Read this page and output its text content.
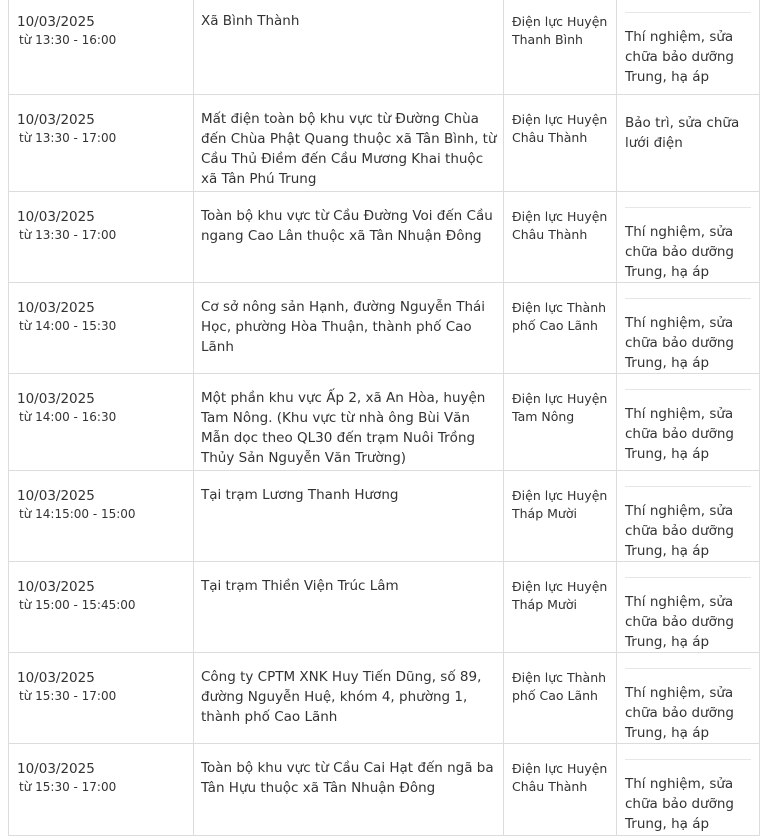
10/03/2025
từ 13:30 - 16:00	Xã Bình Thành	Điện lực Huyện Thanh Bình	Thí nghiệm, sửa chữa bảo dưỡng Trung, hạ áp

10/03/2025
từ 13:30 - 17:00	Mất điện toàn bộ khu vực từ Đường Chùa đến Chùa Phật Quang thuộc xã Tân Bình, từ Cầu Thủ Điềm đến Cầu Mương Khai thuộc xã Tân Phú Trung	Điện lực Huyện Châu Thành	Bảo trì, sửa chữa lưới điện

10/03/2025
từ 13:30 - 17:00	Toàn bộ khu vực từ Cầu Đường Voi đến Cầu ngang Cao Lân thuộc xã Tân Nhuận Đông	Điện lực Huyện Châu Thành	Thí nghiệm, sửa chữa bảo dưỡng Trung, hạ áp

10/03/2025
từ 14:00 - 15:30	Cơ sở nông sản Hạnh, đường Nguyễn Thái Học, phường Hòa Thuận, thành phố Cao Lãnh	Điện lực Thành phố Cao Lãnh	Thí nghiệm, sửa chữa bảo dưỡng Trung, hạ áp

10/03/2025
từ 14:00 - 16:30	Một phần khu vực Ấp 2, xã An Hòa, huyện Tam Nông. (Khu vực từ nhà ông Bùi Văn Mẫn dọc theo QL30 đến trạm Nuôi Trồng Thủy Sản Nguyễn Văn Trường)	Điện lực Huyện Tam Nông	Thí nghiệm, sửa chữa bảo dưỡng Trung, hạ áp

10/03/2025
từ 14:15:00 - 15:00	Tại trạm Lương Thanh Hương	Điện lực Huyện Tháp Mười	Thí nghiệm, sửa chữa bảo dưỡng Trung, hạ áp

10/03/2025
từ 15:00 - 15:45:00	Tại trạm Thiền Viện Trúc Lâm	Điện lực Huyện Tháp Mười	Thí nghiệm, sửa chữa bảo dưỡng Trung, hạ áp

10/03/2025
từ 15:30 - 17:00	Công ty CPTM XNK Huy Tiến Dũng, số 89, đường Nguyễn Huệ, khóm 4, phường 1, thành phố Cao Lãnh	Điện lực Thành phố Cao Lãnh	Thí nghiệm, sửa chữa bảo dưỡng Trung, hạ áp

10/03/2025
từ 15:30 - 17:00	Toàn bộ khu vực từ Cầu Cai Hạt đến ngã ba Tân Hựu thuộc xã Tân Nhuận Đông	Điện lực Huyện Châu Thành	Thí nghiệm, sửa chữa bảo dưỡng Trung, hạ áp
